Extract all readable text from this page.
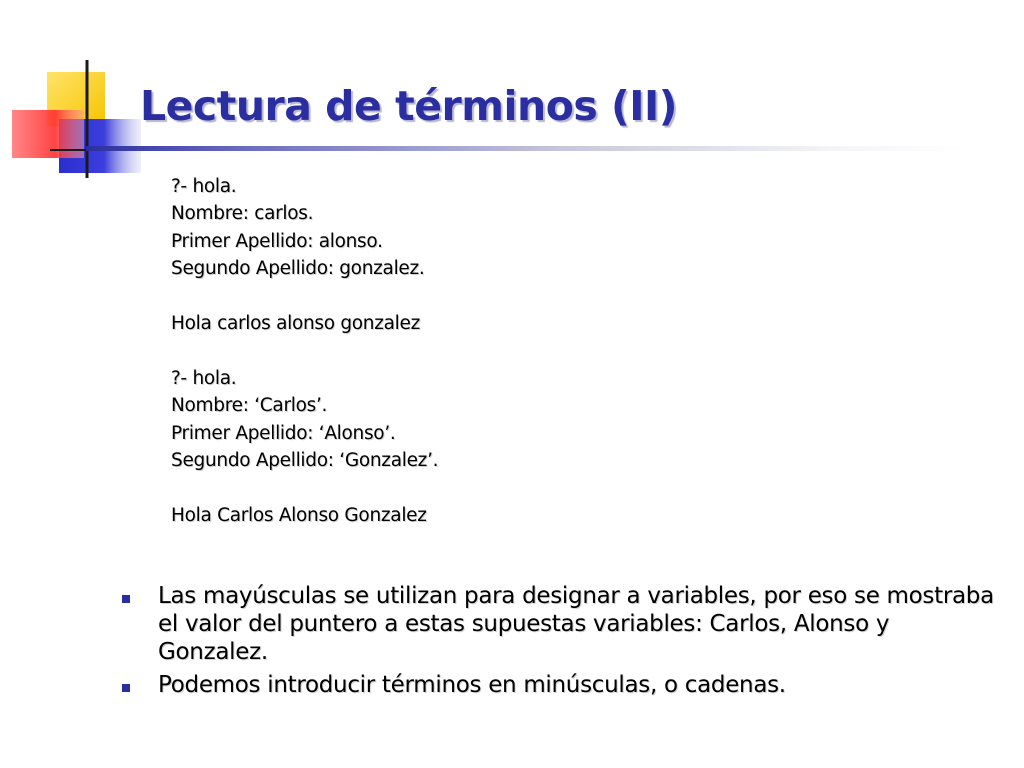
Lectura de términos (II)
?- hola.
Nombre: carlos.
Primer Apellido: alonso.
Segundo Apellido: gonzalez.
Hola carlos alonso gonzalez
?- hola.
Nombre: ‘Carlos’.
Primer Apellido: ‘Alonso’.
Segundo Apellido: ‘Gonzalez’.
Hola Carlos Alonso Gonzalez
Las mayúsculas se utilizan para designar a variables, por eso se mostraba el valor del puntero a estas supuestas variables: Carlos, Alonso y Gonzalez.
Podemos introducir términos en minúsculas, o cadenas.
